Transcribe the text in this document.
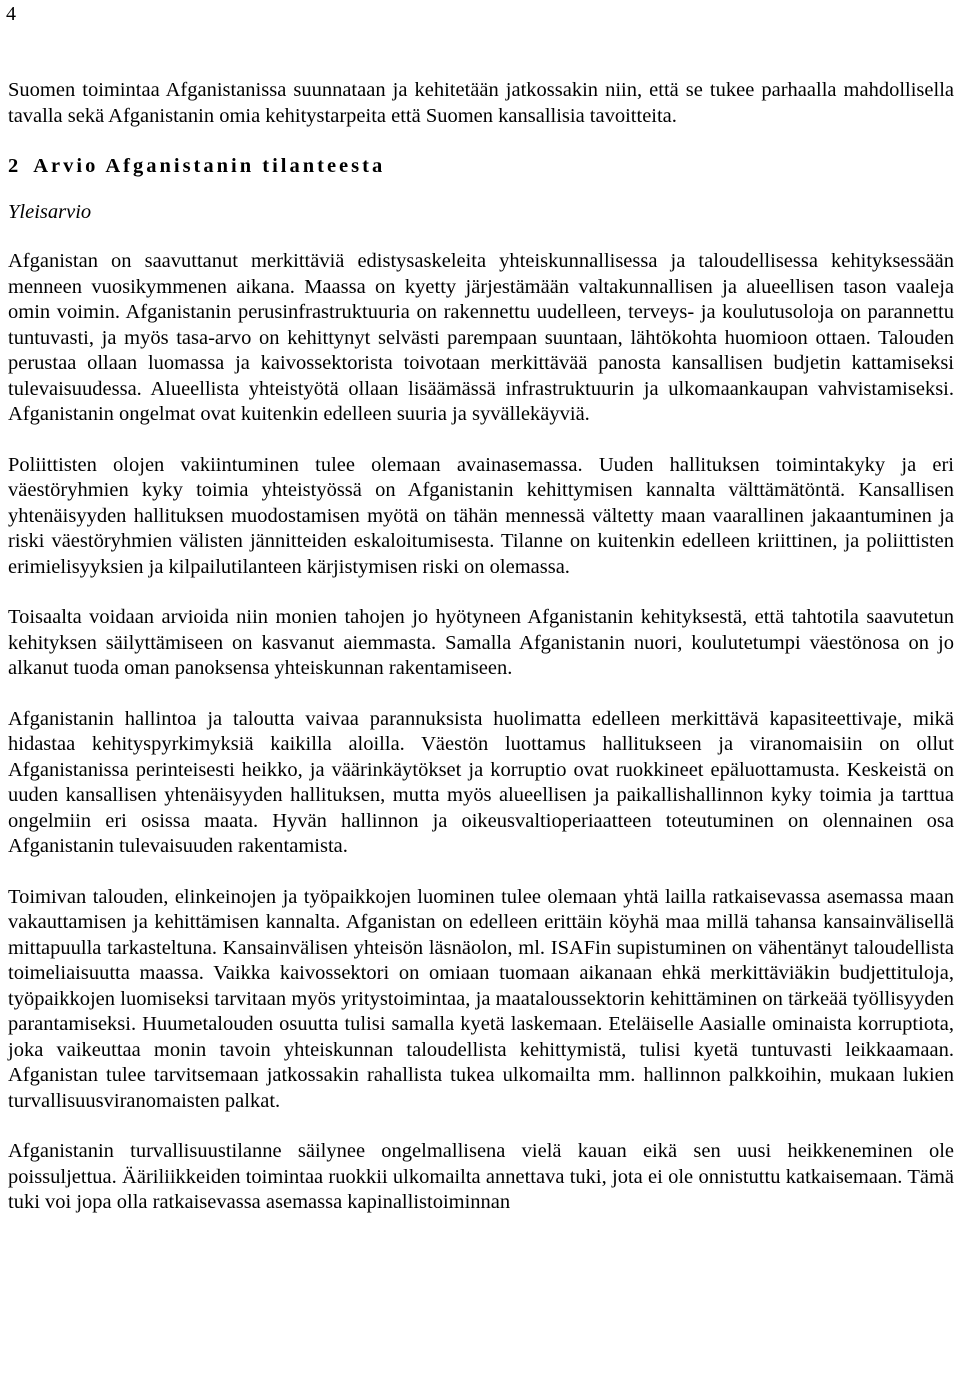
4

Suomen toimintaa Afganistanissa suunnataan ja kehitetään jatkossakin niin, että se tukee parhaalla mahdollisella tavalla sekä Afganistanin omia kehitystarpeita että Suomen kansallisia tavoitteita.

2 Arvio Afganistanin tilanteesta
Yleisarvio

Afganistan on saavuttanut merkittäviä edistysaskeleita yhteiskunnallisessa ja taloudellisessa kehityksessään menneen vuosikymmenen aikana. Maassa on kyetty järjestämään valtakunnallisen ja alueellisen tason vaaleja omin voimin. Afganistanin perusinfrastruktuuria on rakennettu uudelleen, terveys- ja koulutusoloja on parannettu tuntuvasti, ja myös tasa-arvo on kehittynyt selvästi parempaan suuntaan, lähtökohta huomioon ottaen. Talouden perustaa ollaan luomassa ja kaivossektorista toivotaan merkittävää panosta kansallisen budjetin kattamiseksi tulevaisuudessa. Alueellista yhteistyötä ollaan lisäämässä infrastruktuurin ja ulkomaankaupan vahvistamiseksi. Afganistanin ongelmat ovat kuitenkin edelleen suuria ja syvällekäyviä.

Poliittisten olojen vakiintuminen tulee olemaan avainasemassa. Uuden hallituksen toimintakyky ja eri väestöryhmien kyky toimia yhteistyössä on Afganistanin kehittymisen kannalta välttämätöntä. Kansallisen yhtenäisyyden hallituksen muodostamisen myötä on tähän mennessä vältetty maan vaarallinen jakaantuminen ja riski väestöryhmien välisten jännitteiden eskaloitumisesta. Tilanne on kuitenkin edelleen kriittinen, ja poliittisten erimielisyyksien ja kilpailutilanteen kärjistymisen riski on olemassa.

Toisaalta voidaan arvioida niin monien tahojen jo hyötyneen Afganistanin kehityksestä, että tahtotila saavutetun kehityksen säilyttämiseen on kasvanut aiemmasta. Samalla Afganistanin nuori, koulutetumpi väestönosa on jo alkanut tuoda oman panoksensa yhteiskunnan rakentamiseen.

Afganistanin hallintoa ja taloutta vaivaa parannuksista huolimatta edelleen merkittävä kapasiteettivaje, mikä hidastaa kehityspyrkimyksiä kaikilla aloilla. Väestön luottamus hallitukseen ja viranomaisiin on ollut Afganistanissa perinteisesti heikko, ja väärinkäytökset ja korruptio ovat ruokkineet epäluottamusta. Keskeistä on uuden kansallisen yhtenäisyyden hallituksen, mutta myös alueellisen ja paikallishallinnon kyky toimia ja tarttua ongelmiin eri osissa maata. Hyvän hallinnon ja oikeusvaltioperiaatteen toteutuminen on olennainen osa Afganistanin tulevaisuuden rakentamista.

Toimivan talouden, elinkeinojen ja työpaikkojen luominen tulee olemaan yhtä lailla ratkaisevassa asemassa maan vakauttamisen ja kehittämisen kannalta. Afganistan on edelleen erittäin köyhä maa millä tahansa kansainvälisellä mittapuulla tarkasteltuna. Kansainvälisen yhteisön läsnäolon, ml. ISAFin supistuminen on vähentänyt taloudellista toimeliaisuutta maassa. Vaikka kaivossektori on omiaan tuomaan aikanaan ehkä merkittäviäkin budjettituloja, työpaikkojen luomiseksi tarvitaan myös yritystoimintaa, ja maataloussektorin kehittäminen on tärkeää työllisyyden parantamiseksi. Huumetalouden osuutta tulisi samalla kyetä laskemaan. Eteläiselle Aasialle ominaista korruptiota, joka vaikeuttaa monin tavoin yhteiskunnan taloudellista kehittymistä, tulisi kyetä tuntuvasti leikkaamaan. Afganistan tulee tarvitsemaan jatkossakin rahallista tukea ulkomailta mm. hallinnon palkkoihin, mukaan lukien turvallisuusviranomaisten palkat.

Afganistanin turvallisuustilanne säilynee ongelmallisena vielä kauan eikä sen uusi heikkeneminen ole poissuljettua. Ääriliikkeiden toimintaa ruokkii ulkomailta annettava tuki, jota ei ole onnistuttu katkaisemaan. Tämä tuki voi jopa olla ratkaisevassa asemassa kapinallistoiminnan
